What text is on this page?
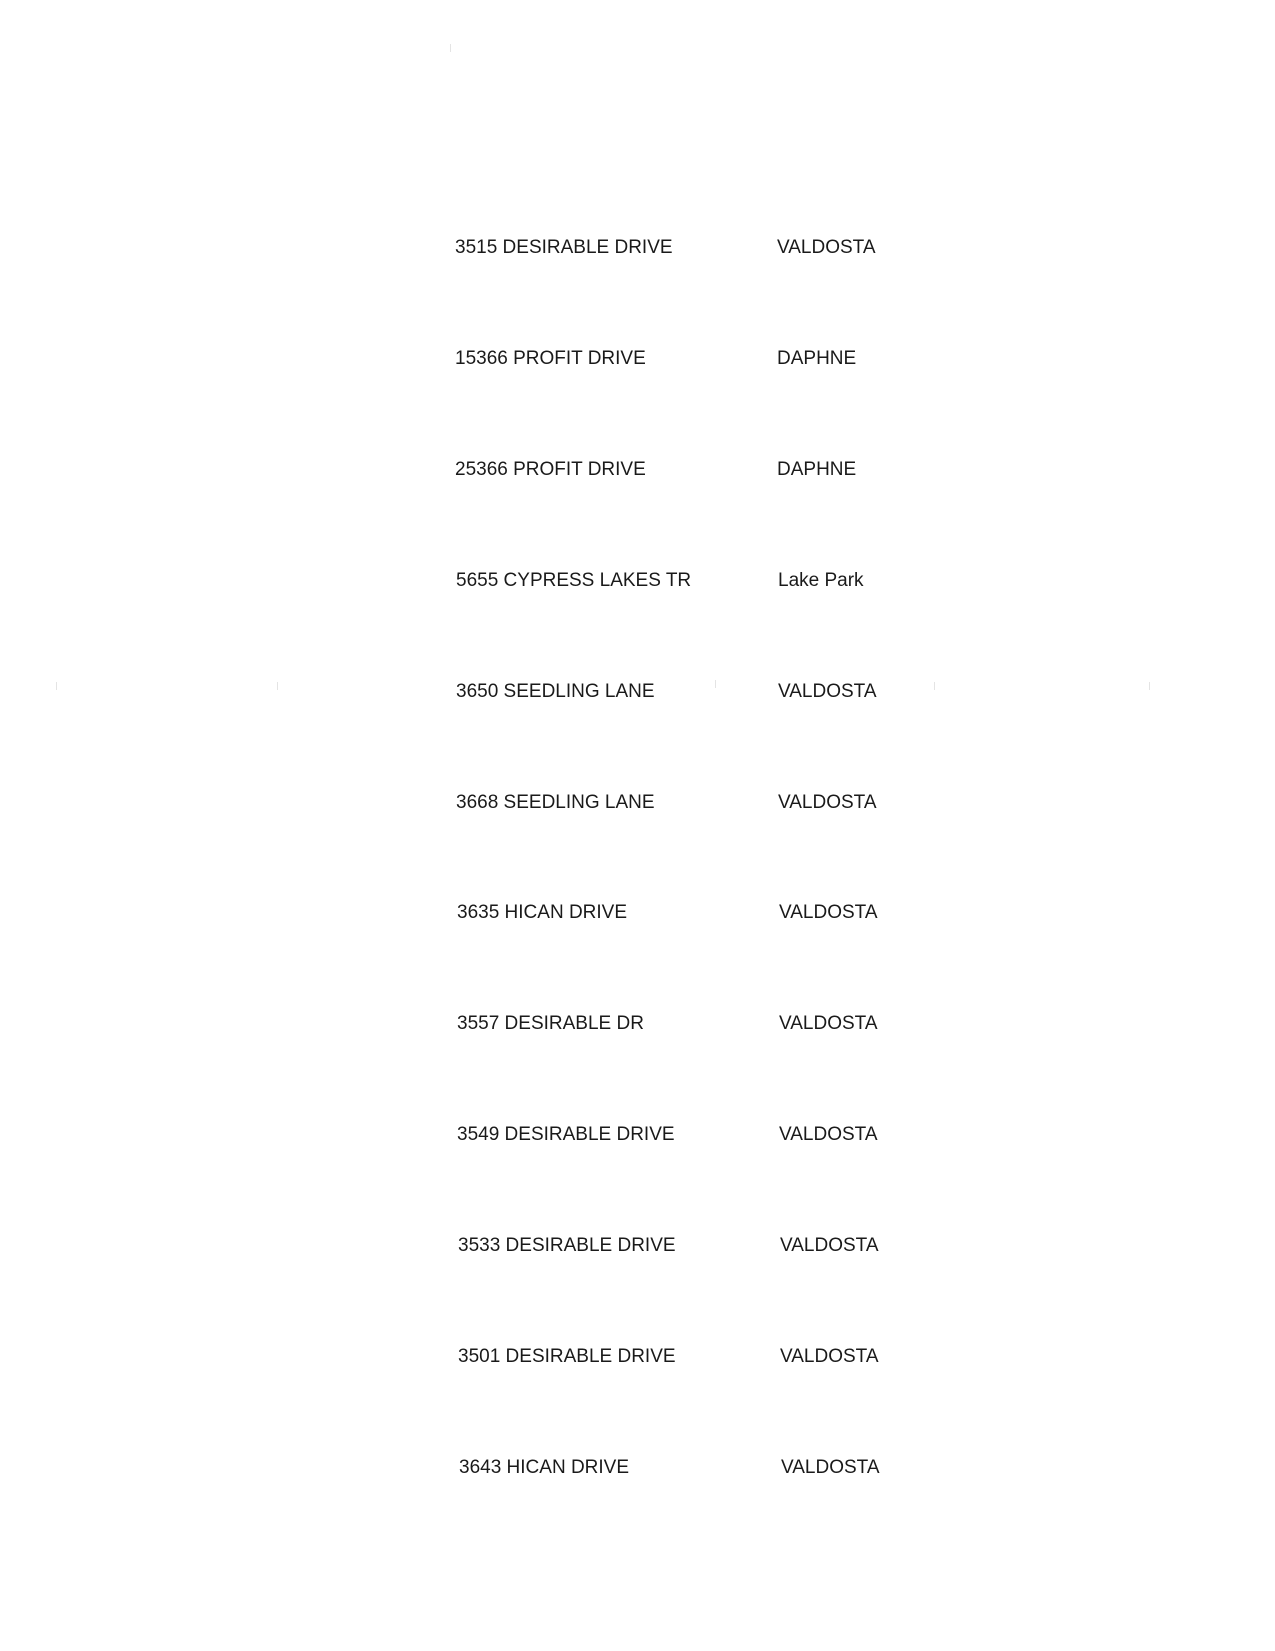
3515 DESIRABLE DRIVE	VALDOSTA
15366 PROFIT DRIVE	DAPHNE
25366 PROFIT DRIVE	DAPHNE
5655 CYPRESS LAKES TR	Lake Park
3650 SEEDLING LANE	VALDOSTA
3668 SEEDLING LANE	VALDOSTA
3635 HICAN DRIVE	VALDOSTA
3557 DESIRABLE DR	VALDOSTA
3549 DESIRABLE DRIVE	VALDOSTA
3533 DESIRABLE DRIVE	VALDOSTA
3501 DESIRABLE DRIVE	VALDOSTA
3643 HICAN DRIVE	VALDOSTA
